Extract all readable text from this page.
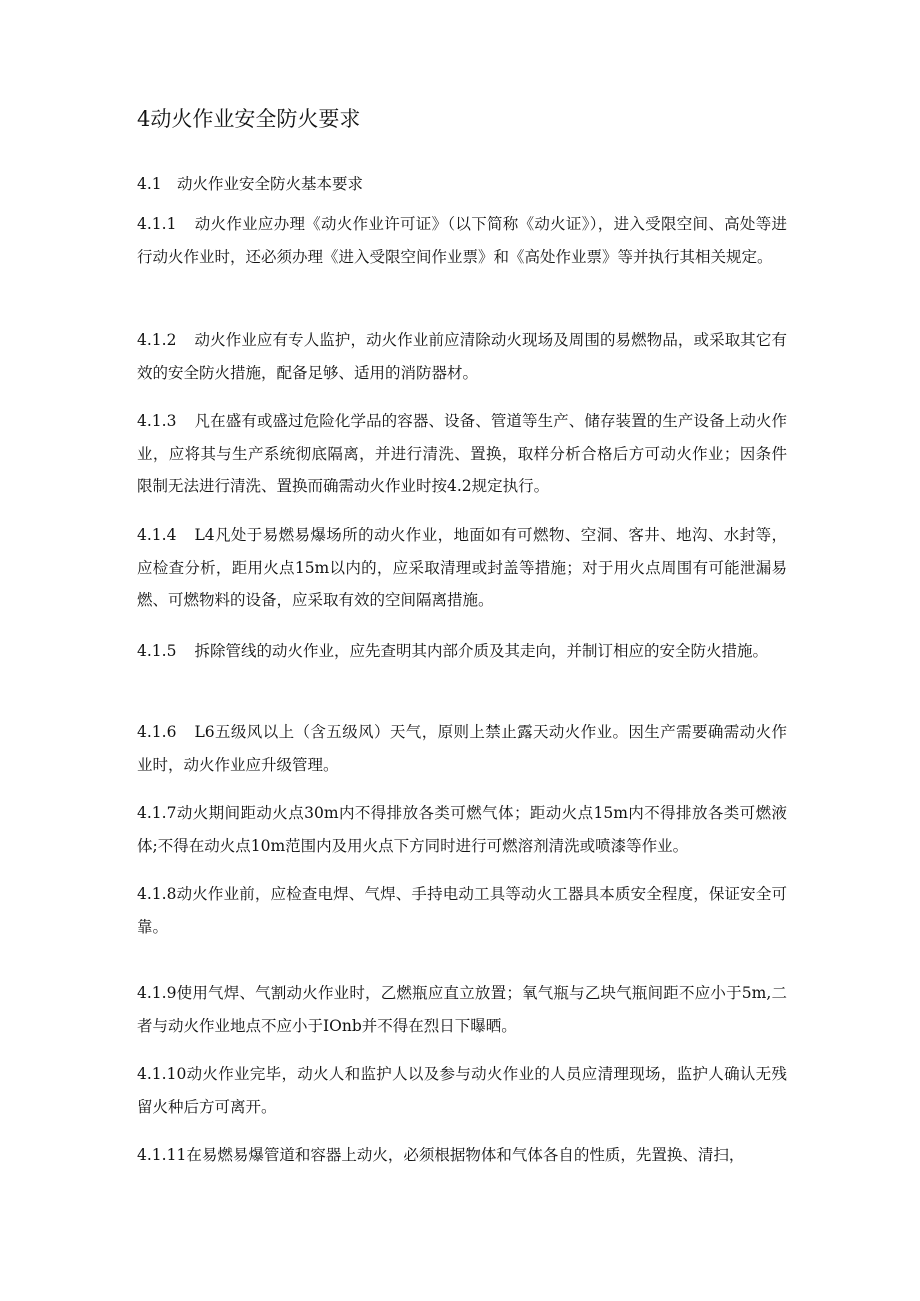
4动火作业安全防火要求
4.1 动火作业安全防火基本要求
4.1.1 动火作业应办理《动火作业许可证》（以下简称《动火证》），进入受限空间、高处等进行动火作业时，还必须办理《进入受限空间作业票》和《高处作业票》等并执行其相关规定。
4.1.2 动火作业应有专人监护，动火作业前应清除动火现场及周围的易燃物品，或采取其它有效的安全防火措施，配备足够、适用的消防器材。
4.1.3 凡在盛有或盛过危险化学品的容器、设备、管道等生产、储存装置的生产设备上动火作业，应将其与生产系统彻底隔离，并进行清洗、置换，取样分析合格后方可动火作业；因条件限制无法进行清洗、置换而确需动火作业时按4.2规定执行。
4.1.4 L4凡处于易燃易爆场所的动火作业，地面如有可燃物、空洞、客井、地沟、水封等，应检查分析，距用火点15m以内的，应采取清理或封盖等措施；对于用火点周围有可能泄漏易燃、可燃物料的设备，应采取有效的空间隔离措施。
4.1.5 拆除管线的动火作业，应先查明其内部介质及其走向，并制订相应的安全防火措施。
4.1.6 L6五级风以上（含五级风）天气，原则上禁止露天动火作业。因生产需要确需动火作业时，动火作业应升级管理。
4.1.7动火期间距动火点30m内不得排放各类可燃气体；距动火点15m内不得排放各类可燃液体;不得在动火点10m范围内及用火点下方同时进行可燃溶剂清洗或喷漆等作业。
4.1.8动火作业前，应检查电焊、气焊、手持电动工具等动火工器具本质安全程度，保证安全可靠。
4.1.9使用气焊、气割动火作业时，乙燃瓶应直立放置；氧气瓶与乙块气瓶间距不应小于5m,二者与动火作业地点不应小于IOnb并不得在烈日下曝晒。
4.1.10动火作业完毕，动火人和监护人以及参与动火作业的人员应清理现场，监护人确认无残留火种后方可离开。
4.1.11在易燃易爆管道和容器上动火，必须根据物体和气体各自的性质，先置换、清扫，
